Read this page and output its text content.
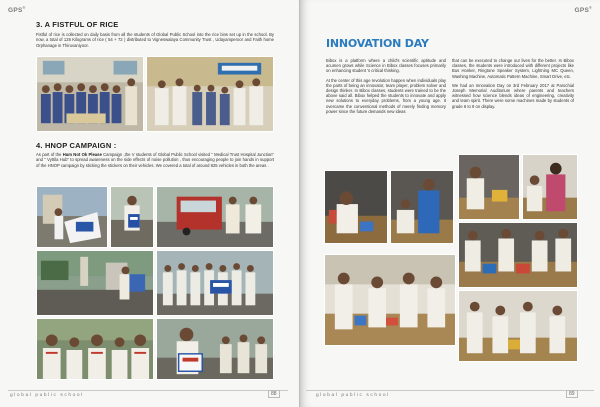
GPS®
3. A FISTFUL OF RICE
Fistful of rice is collected on daily basis from all the students of Global Public School into the rice bins set up in the school. By now, a total of 126 Kilograms of rice ( 54 + 72 ) distributed to Vigneswalaya Community Trust , Udayamperoor and Faith home Orphanage in Thiruvaniyoor.
4. HNOP CAMPAIGN :
As part of the Hum Not Ok Please Campaign ,the V students of Global Public School visited " Medical Trust Hospital Junction" and " Vyttila Hub" to spread awareness on the side effects of noise pollution , thus encouraging people to join hands in support of the HNOP campaign by sticking the stickers on their vehicles. We covered a total of around 825 vehicles in both the areas .
global public school	88
GPS®
INNOVATION DAY

Bibox is a platform where a child's scientific aptitude and acumen grows while Science in Bibox classes focuses primarily on enhancing student 's critical thinking.

At the center of this age revolution happen when individuals play the parts of being an innovator, team player, problem solver and design thinker. In Bibox classes, students were trained to be the above said all. Bibox helped the students to innovate and apply new solutions to everyday problems, from a young age. It overcame the conventional methods of merely finding memory power since the future demands new ideas

that can be executed to change our lives for the better. In Bibox classes, the students were introduced with different projects like Bus Honker, Ringtone Speaker System, Lightning MC Queen, Washing Machine, Automatic Pattern Machine, Smart Drive, etc.

We had an Innovation Day on 3rd February 2017 at Parochial Joseph Memorial Auditorium where parents and teachers witnessed how science blends ideas of engineering, creativity and team spirit. There were some machines made by students of grade 6 to 9 on display.

global public school	89
